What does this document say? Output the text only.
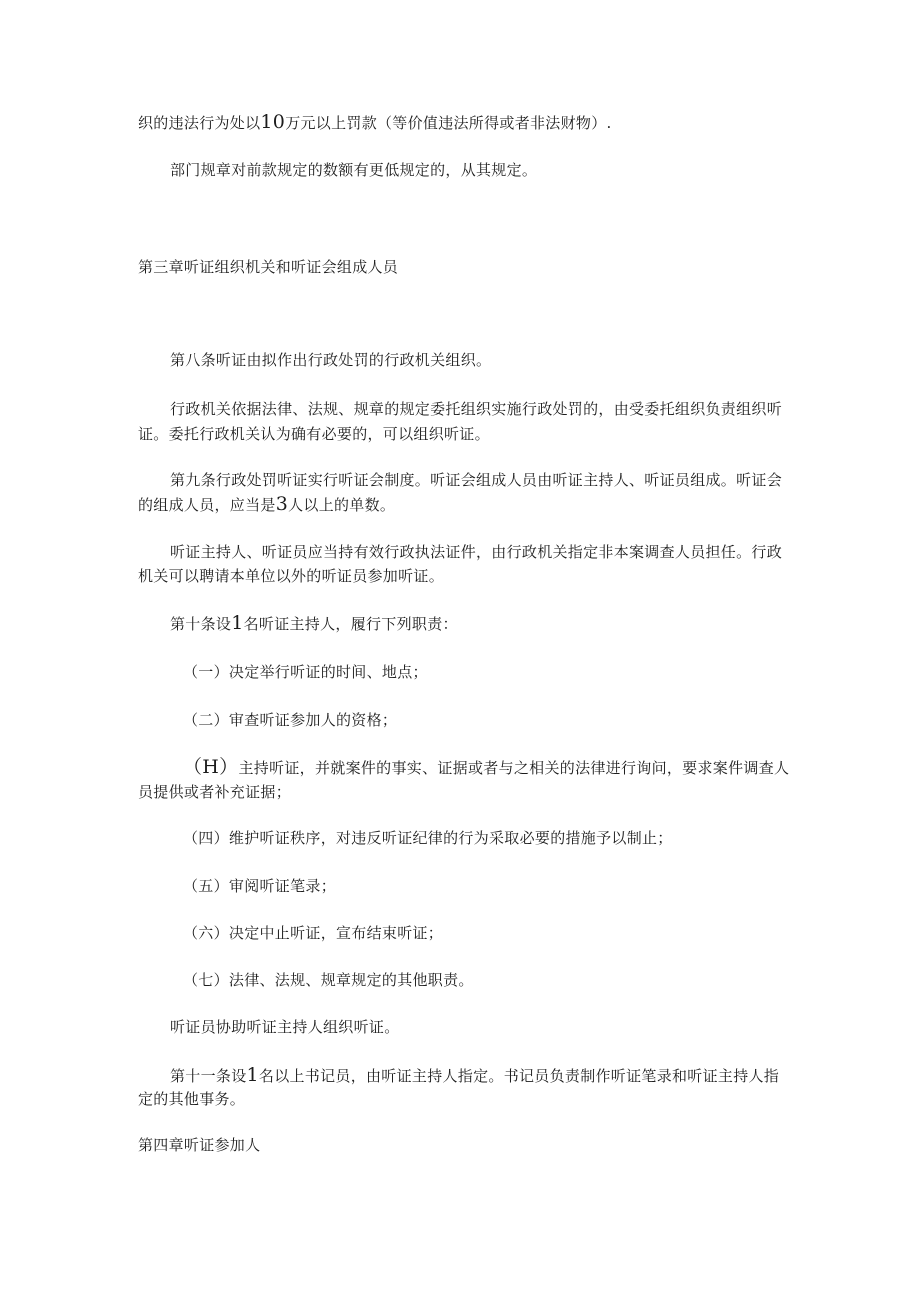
织的违法行为处以10万元以上罚款（等价值违法所得或者非法财物）.

部门规章对前款规定的数额有更低规定的，从其规定。

第三章听证组织机关和听证会组成人员

第八条听证由拟作出行政处罚的行政机关组织。

行政机关依据法律、法规、规章的规定委托组织实施行政处罚的，由受委托组织负责组织听

证。委托行政机关认为确有必要的，可以组织听证。

第九条行政处罚听证实行听证会制度。听证会组成人员由听证主持人、听证员组成。听证会

的组成人员，应当是3人以上的单数。

听证主持人、听证员应当持有效行政执法证件，由行政机关指定非本案调查人员担任。行政

机关可以聘请本单位以外的听证员参加听证。

第十条设1名听证主持人，履行下列职责：

（一）决定举行听证的时间、地点；

（二）审查听证参加人的资格；

（H）主持听证，并就案件的事实、证据或者与之相关的法律进行询问，要求案件调查人

员提供或者补充证据；

（四）维护听证秩序，对违反听证纪律的行为采取必要的措施予以制止；

（五）审阅听证笔录；

（六）决定中止听证，宣布结束听证；

（七）法律、法规、规章规定的其他职责。

听证员协助听证主持人组织听证。

第十一条设1名以上书记员，由听证主持人指定。书记员负责制作听证笔录和听证主持人指

定的其他事务。

第四章听证参加人
